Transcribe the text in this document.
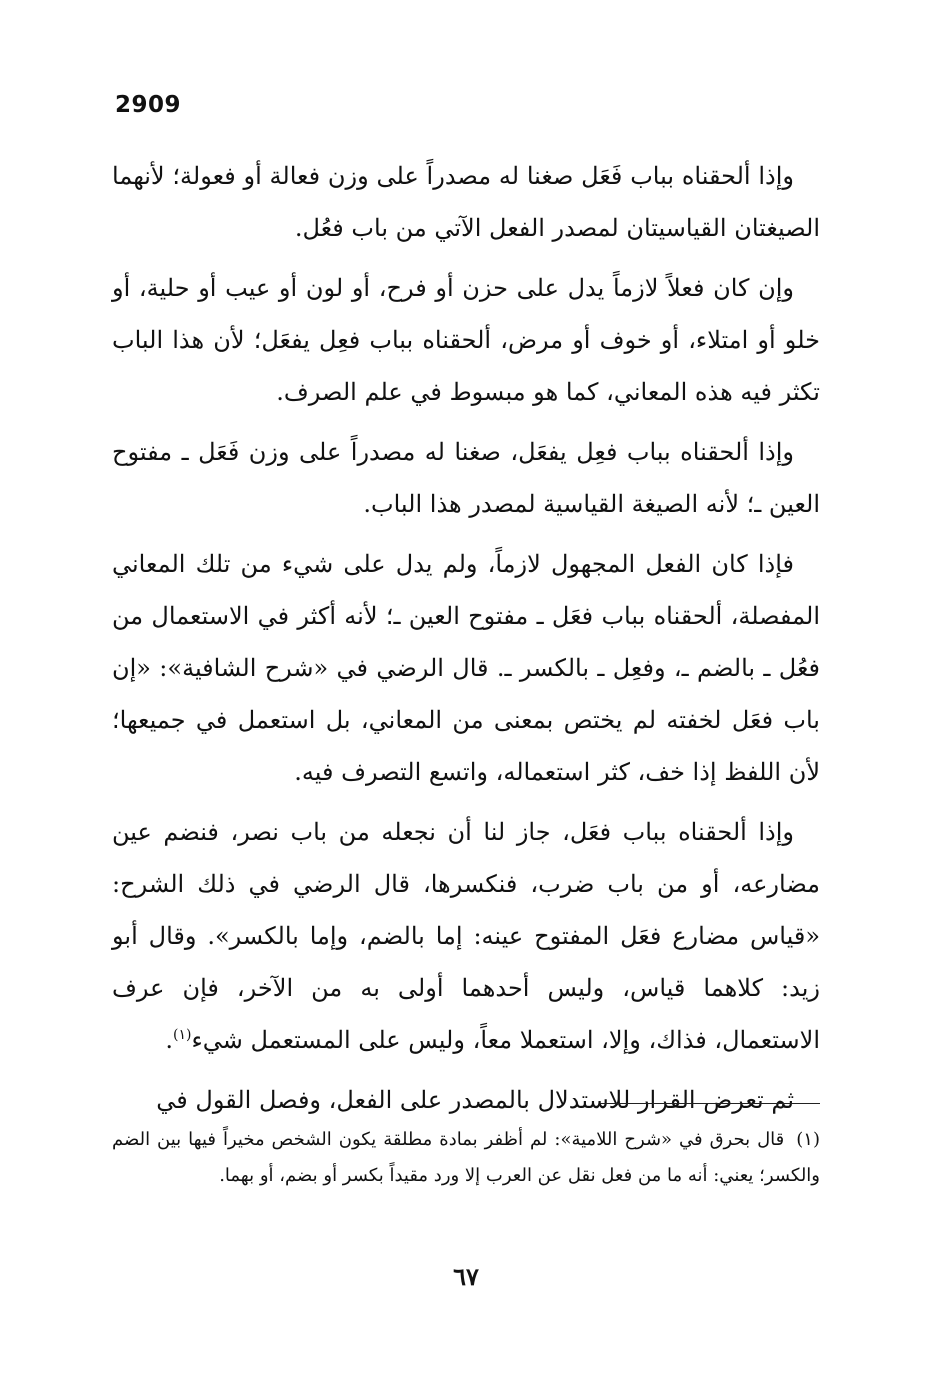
2909

وإذا ألحقناه بباب فَعَل صغنا له مصدراً على وزن فعالة أو فعولة؛ لأنهما الصيغتان القياسيتان لمصدر الفعل الآتي من باب فعُل.

وإن كان فعلاً لازماً يدل على حزن أو فرح، أو لون أو عيب أو حلية، أو خلو أو امتلاء، أو خوف أو مرض، ألحقناه بباب فعِل يفعَل؛ لأن هذا الباب تكثر فيه هذه المعاني، كما هو مبسوط في علم الصرف.

وإذا ألحقناه بباب فعِل يفعَل، صغنا له مصدراً على وزن فَعَل ـ مفتوح العين ـ؛ لأنه الصيغة القياسية لمصدر هذا الباب.

فإذا كان الفعل المجهول لازماً، ولم يدل على شيء من تلك المعاني المفصلة، ألحقناه بباب فعَل ـ مفتوح العين ـ؛ لأنه أكثر في الاستعمال من فعُل ـ بالضم ـ، وفعِل ـ بالكسر ـ. قال الرضي في «شرح الشافية»: «إن باب فعَل لخفته لم يختص بمعنى من المعاني، بل استعمل في جميعها؛ لأن اللفظ إذا خف، كثر استعماله، واتسع التصرف فيه.

وإذا ألحقناه بباب فعَل، جاز لنا أن نجعله من باب نصر، فنضم عين مضارعه، أو من باب ضرب، فنكسرها، قال الرضي في ذلك الشرح: «قياس مضارع فعَل المفتوح عينه: إما بالضم، وإما بالكسر». وقال أبو زيد: كلاهما قياس، وليس أحدهما أولى به من الآخر، فإن عرف الاستعمال، فذاك، وإلا، استعملا معاً، وليس على المستعمل شيء$^{(١)}$.

ثم تعرض القرار للاستدلال بالمصدر على الفعل، وفصل القول في

(١)قال بحرق في «شرح اللامية»: لم أظفر بمادة مطلقة يكون الشخص مخيراً فيها بين الضم والكسر؛ يعني: أنه ما من فعل نقل عن العرب إلا ورد مقيداً بكسر أو بضم، أو بهما.
٦٧
